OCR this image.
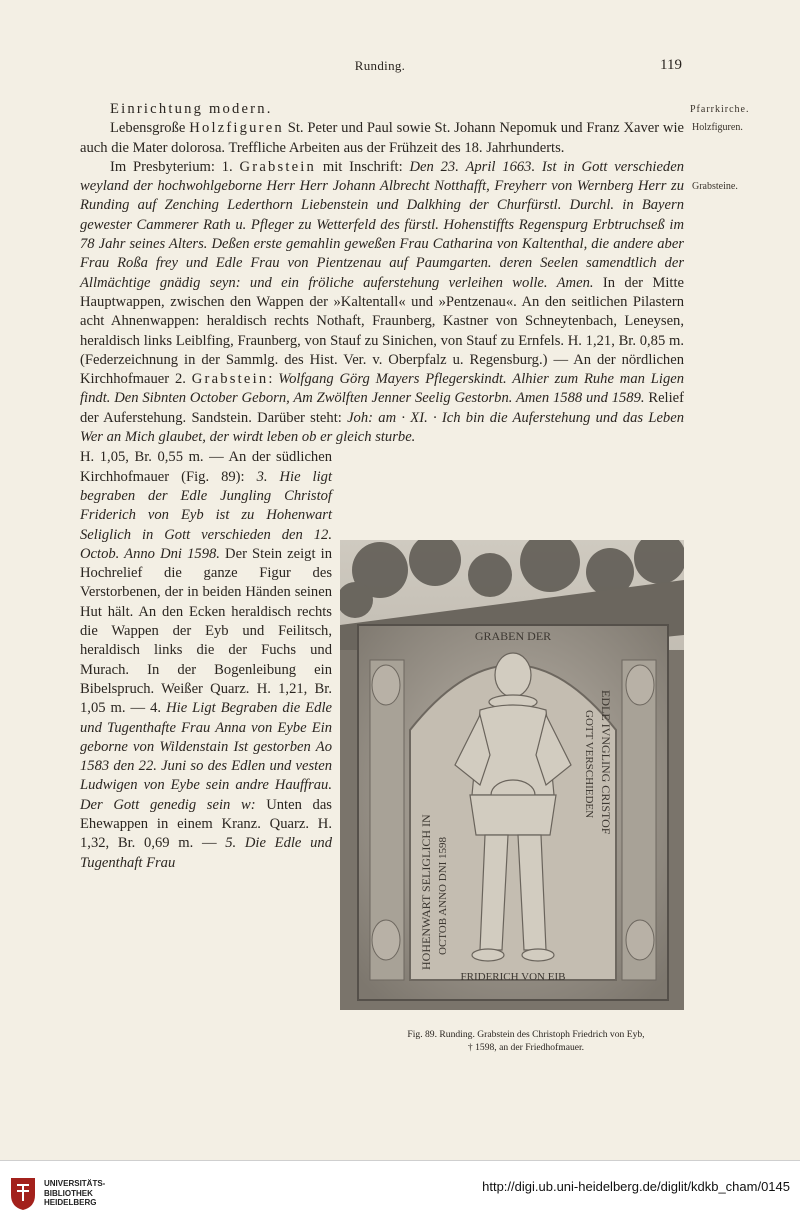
Runding.	119
Pfarrkirche.
Holzfiguren.
Grabsteine.

Einrichtung modern.

Lebensgroße Holzfiguren St. Peter und Paul sowie St. Johann Nepomuk und Franz Xaver wie auch die Mater dolorosa. Treffliche Arbeiten aus der Frühzeit des 18. Jahrhunderts.

Im Presbyterium: 1. Grabstein mit Inschrift: Den 23. April 1663. Ist in Gott verschieden weyland der hochwohlgeborne Herr Herr Johann Albrecht Notthafft, Freyherr von Wernberg Herr zu Runding auf Zenching Lederthorn Liebenstein und Dalkhing der Churfürstl. Durchl. in Bayern gewester Cammerer Rath u. Pfleger zu Wetterfeld des fürstl. Hohenstiffts Regenspurg Erbtruchseß im 78 Jahr seines Alters. Deßen erste gemahlin geweßen Frau Catharina von Kaltenthal, die andere aber Frau Roßa frey und Edle Frau von Pientzenau auf Paumgarten. deren Seelen samendtlich der Allmächtige gnädig seyn: und ein fröliche auferstehung verleihen wolle. Amen. In der Mitte Hauptwappen, zwischen den Wappen der »Kaltentall« und »Pentzenau«. An den seitlichen Pilastern acht Ahnenwappen: heraldisch rechts Nothaft, Fraunberg, Kastner von Schneytenbach, Leneysen, heraldisch links Leiblfing, Fraunberg, von Stauf zu Sinichen, von Stauf zu Ernfels. H. 1,21, Br. 0,85 m. (Federzeichnung in der Sammlg. des Hist. Ver. v. Oberpfalz u. Regensburg.) — An der nördlichen Kirchhofmauer 2. Grabstein: Wolfgang Görg Mayers Pflegerskindt. Alhier zum Ruhe man Ligen findt. Den Sibnten October Geborn, Am Zwölften Jenner Seelig Gestorbn. Amen 1588 und 1589. Relief der Auferstehung. Sandstein. Darüber steht: Joh: am · XI. · Ich bin die Auferstehung und das Leben Wer an Mich glaubet, der wirdt leben ob er gleich sturbe.

H. 1,05, Br. 0,55 m. — An der südlichen Kirchhofmauer (Fig. 89): 3. Hie ligt begraben der Edle Jungling Christof Friderich von Eyb ist zu Hohenwart Seliglich in Gott verschieden den 12. Octob. Anno Dni 1598. Der Stein zeigt in Hochrelief die ganze Figur des Verstorbenen, der in beiden Händen seinen Hut hält. An den Ecken heraldisch rechts die Wappen der Eyb und Feilitsch, heraldisch links die der Fuchs und Murach. In der Bogenleibung ein Bibelspruch. Weißer Quarz. H. 1,21, Br. 1,05 m. — 4. Hie Ligt Begraben die Edle und Tugenthafte Frau Anna von Eybe Ein geborne von Wildenstain Ist gestorben Ao 1583 den 22. Juni so des Edlen und vesten Ludwigen von Eybe sein andre Hauffrau. Der Gott genedig sein w: Unten das Ehewappen in einem Kranz. Quarz. H. 1,32, Br. 0,69 m. — 5. Die Edle und Tugenthaft Frau

GRABEN DER
HOHENWART SELIGLICH IN OCTOB ANNO DNI 1598
EDLE IVNGLING CRISTOF
GOTT VERSCHIEDEN
FRIDERICH VON EIB
Fig. 89. Runding. Grabstein des Christoph Friedrich von Eyb,
† 1598, an der Friedhofmauer.
UNIVERSITÄTS-
BIBLIOTHEK
HEIDELBERG
http://digi.ub.uni-heidelberg.de/diglit/kdkb_cham/0145
